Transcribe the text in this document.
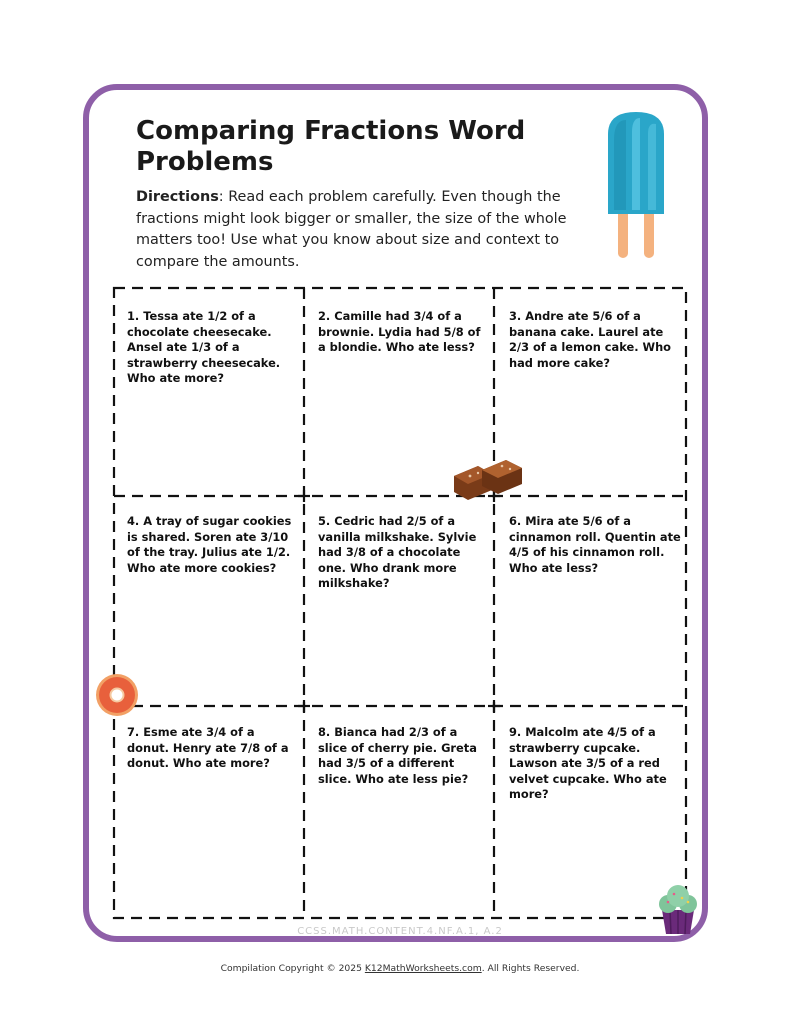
Comparing Fractions Word Problems

Directions: Read each problem carefully. Even though the fractions might look bigger or smaller, the size of the whole matters too! Use what you know about size and context to compare the amounts.

1. Tessa ate 1/2 of a chocolate cheesecake. Ansel ate 1/3 of a strawberry cheesecake. Who ate more?

2. Camille had 3/4 of a brownie. Lydia had 5/8 of a blondie. Who ate less?

3. Andre ate 5/6 of a banana cake. Laurel ate 2/3 of a lemon cake. Who had more cake?

4. A tray of sugar cookies is shared. Soren ate 3/10 of the tray. Julius ate 1/2. Who ate more cookies?

5. Cedric had 2/5 of a vanilla milkshake. Sylvie had 3/8 of a chocolate one. Who drank more milkshake?

6. Mira ate 5/6 of a cinnamon roll. Quentin ate 4/5 of his cinnamon roll. Who ate less?

7. Esme ate 3/4 of a donut. Henry ate 7/8 of a donut. Who ate more?

8. Bianca had 2/3 of a slice of cherry pie. Greta had 3/5 of a different slice. Who ate less pie?

9. Malcolm ate 4/5 of a strawberry cupcake. Lawson ate 3/5 of a red velvet cupcake. Who ate more?

CCSS.MATH.CONTENT.4.NF.A.1, A.2
Compilation Copyright © 2025 K12MathWorksheets.com. All Rights Reserved.
